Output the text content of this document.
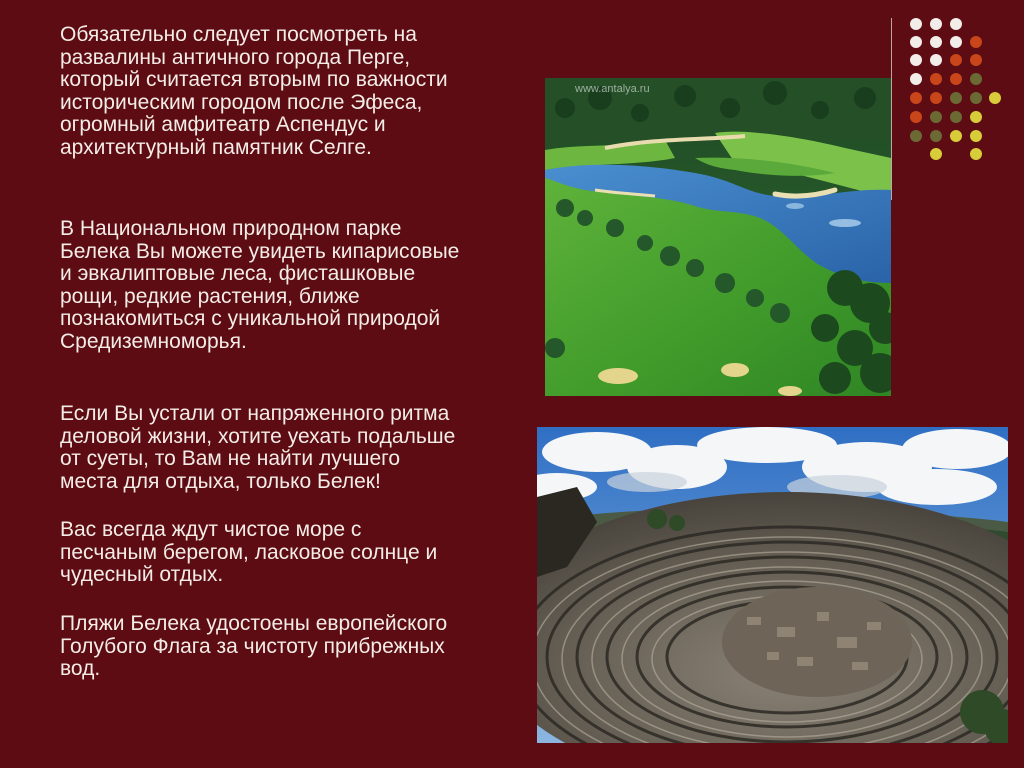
Обязательно следует посмотреть на
развалины античного города Перге,
который считается вторым по важности
историческим городом после Эфеса,
огромный амфитеатр Аспендус и
архитектурный памятник Селге.

В Национальном природном парке
Белека Вы можете увидеть кипарисовые
и эвкалиптовые леса, фисташковые
рощи, редкие растения, ближе
познакомиться с уникальной природой
Средиземноморья.

Если Вы устали от напряженного ритма
деловой жизни, хотите уехать подальше
от суеты, то Вам не найти лучшего
места для отдыха, только Белек!

Вас всегда ждут чистое море с
песчаным берегом, ласковое солнце и
чудесный отдых.

Пляжи Белека удостоены европейского
Голубого Флага за чистоту прибрежных
вод.

www.antalya.ru
